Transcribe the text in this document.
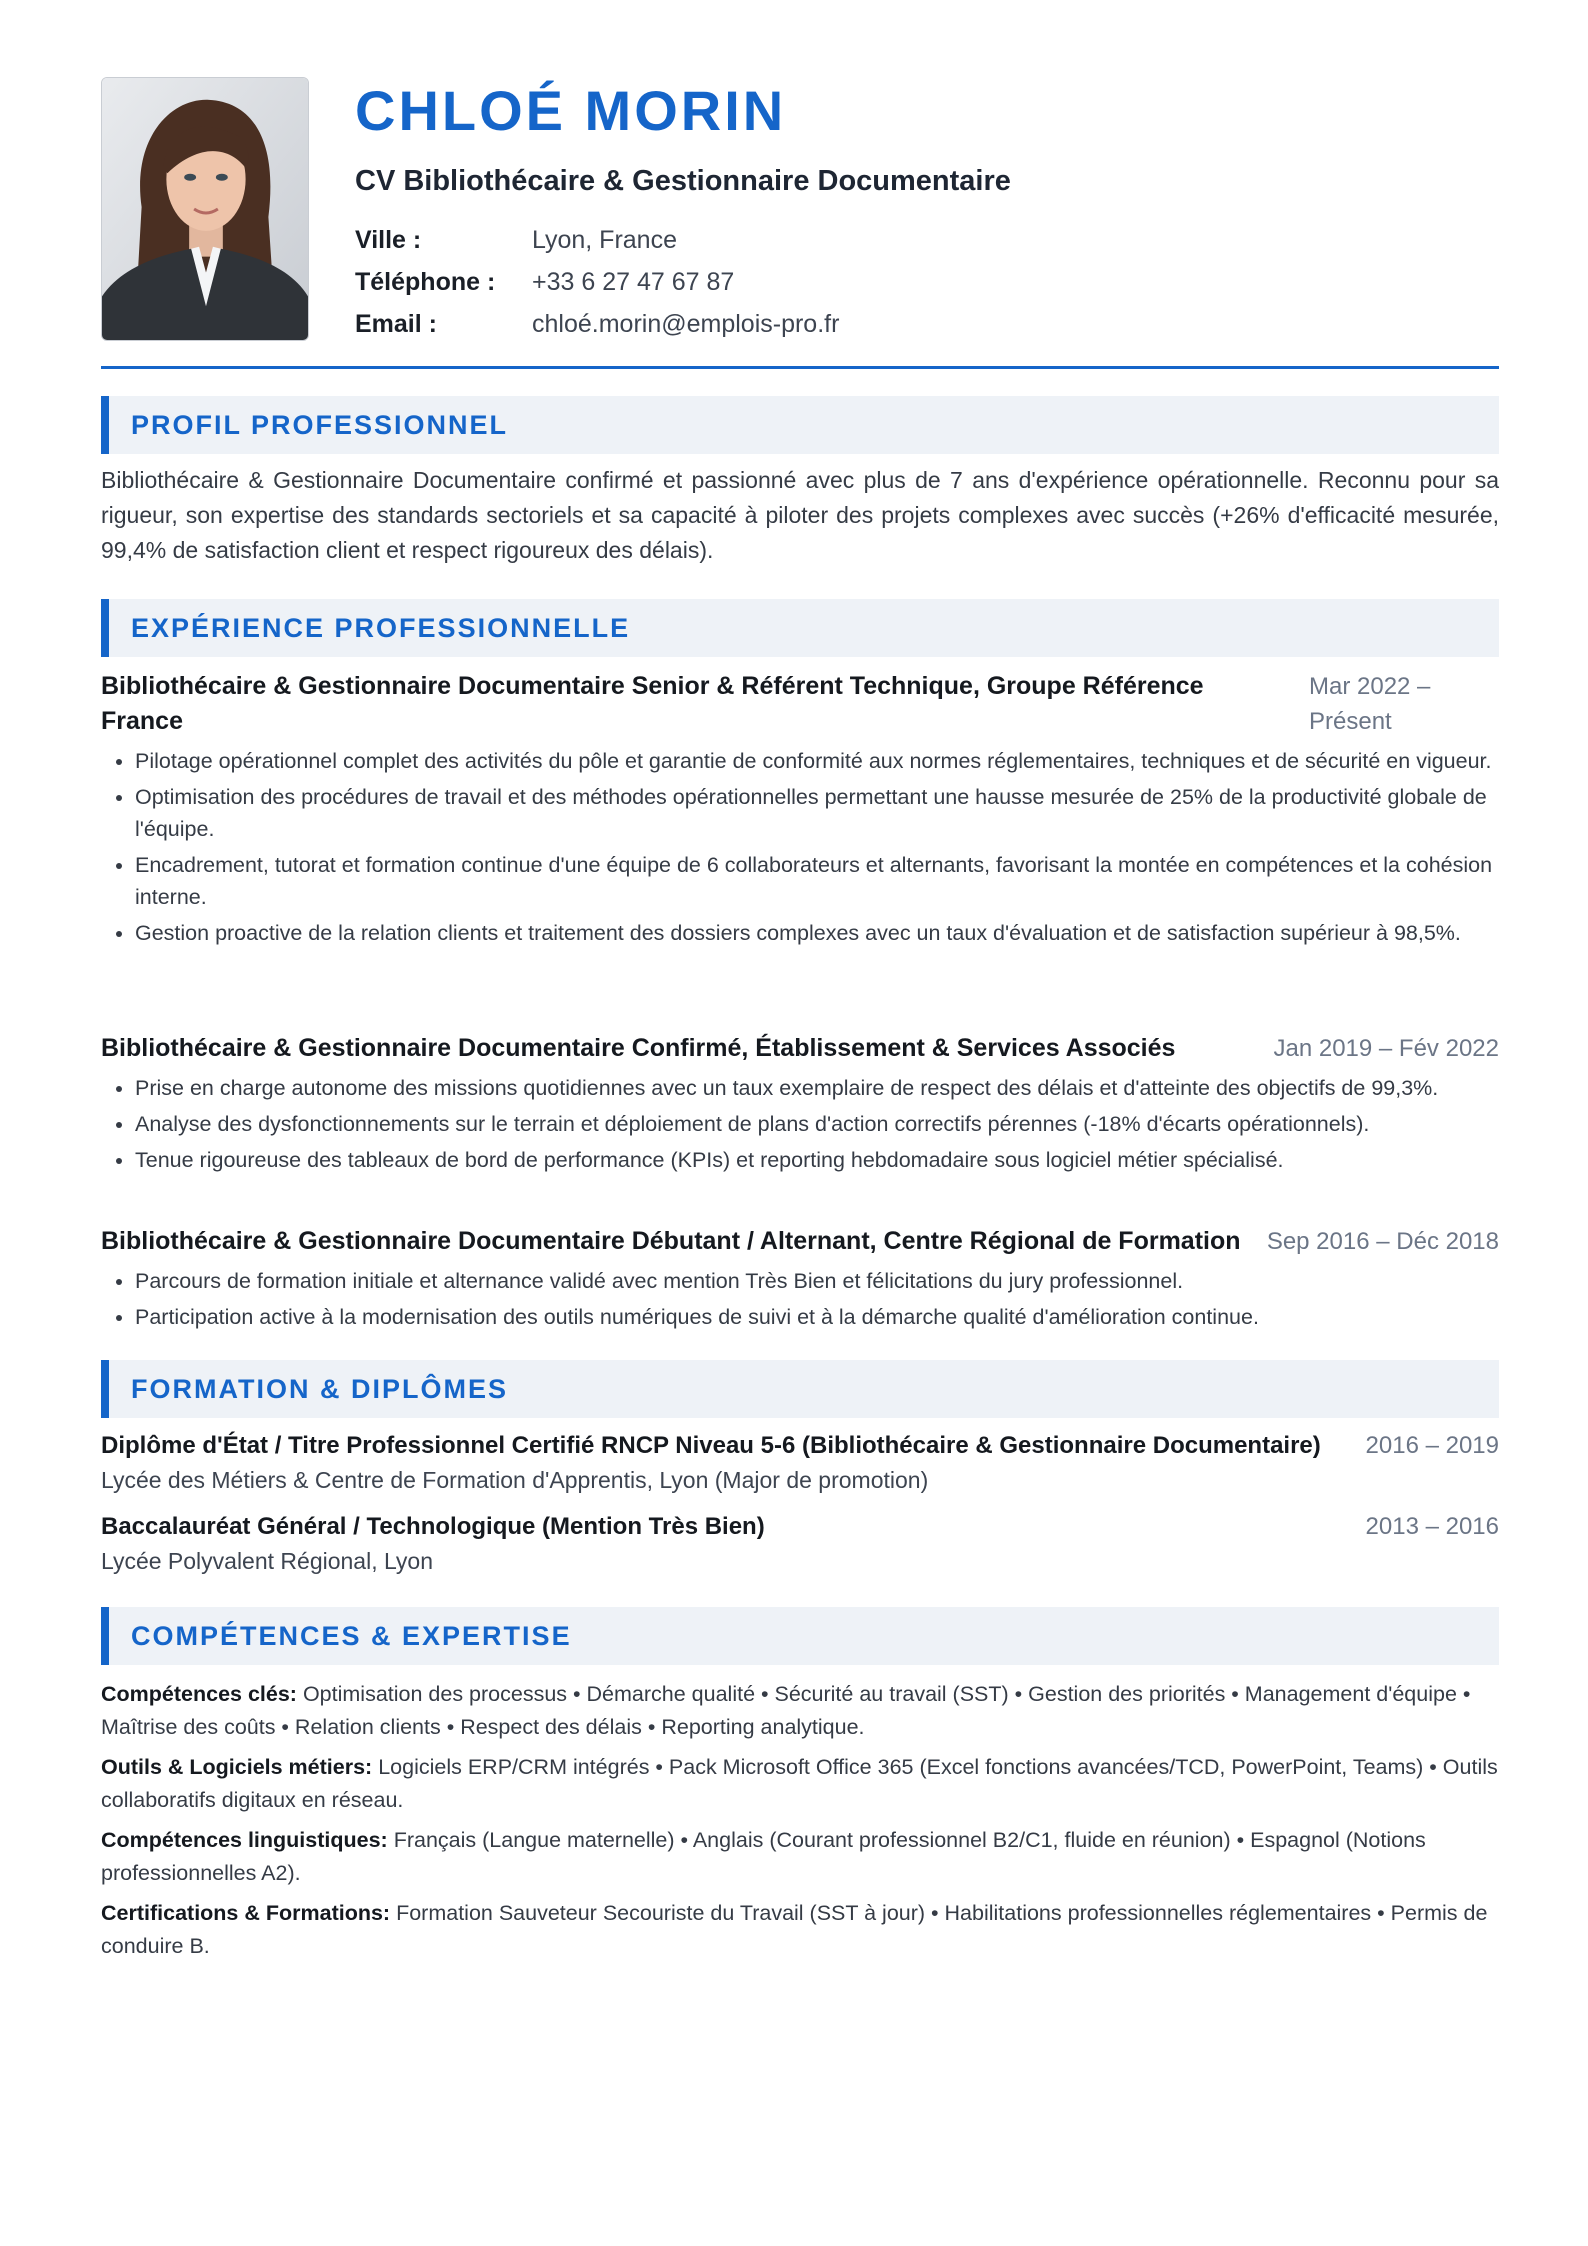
CHLOÉ MORIN
CV Bibliothécaire & Gestionnaire Documentaire
Ville :	Lyon, France
Téléphone :	+33 6 27 47 67 87
Email :	chloé.morin@emplois-pro.fr
PROFIL PROFESSIONNEL

Bibliothécaire & Gestionnaire Documentaire confirmé et passionné avec plus de 7 ans d'expérience opérationnelle. Reconnu pour sa rigueur, son expertise des standards sectoriels et sa capacité à piloter des projets complexes avec succès (+26% d'efficacité mesurée, 99,4% de satisfaction client et respect rigoureux des délais).

EXPÉRIENCE PROFESSIONNELLE
Bibliothécaire & Gestionnaire Documentaire Senior & Référent Technique, Groupe Référence France
Mar 2022 – Présent
• Pilotage opérationnel complet des activités du pôle et garantie de conformité aux normes réglementaires, techniques et de sécurité en vigueur.
• Optimisation des procédures de travail et des méthodes opérationnelles permettant une hausse mesurée de 25% de la productivité globale de l'équipe.
• Encadrement, tutorat et formation continue d'une équipe de 6 collaborateurs et alternants, favorisant la montée en compétences et la cohésion interne.
• Gestion proactive de la relation clients et traitement des dossiers complexes avec un taux d'évaluation et de satisfaction supérieur à 98,5%.
Bibliothécaire & Gestionnaire Documentaire Confirmé, Établissement & Services Associés	Jan 2019 – Fév 2022
• Prise en charge autonome des missions quotidiennes avec un taux exemplaire de respect des délais et d'atteinte des objectifs de 99,3%.
• Analyse des dysfonctionnements sur le terrain et déploiement de plans d'action correctifs pérennes (-18% d'écarts opérationnels).
• Tenue rigoureuse des tableaux de bord de performance (KPIs) et reporting hebdomadaire sous logiciel métier spécialisé.
Bibliothécaire & Gestionnaire Documentaire Débutant / Alternant, Centre Régional de Formation Sep 2016 – Déc 2018
• Parcours de formation initiale et alternance validé avec mention Très Bien et félicitations du jury professionnel.
• Participation active à la modernisation des outils numériques de suivi et à la démarche qualité d'amélioration continue.
FORMATION & DIPLÔMES
Diplôme d'État / Titre Professionnel Certifié RNCP Niveau 5-6 (Bibliothécaire & Gestionnaire Documentaire) 2016 – 2019
Lycée des Métiers & Centre de Formation d'Apprentis, Lyon (Major de promotion)
Baccalauréat Général / Technologique (Mention Très Bien)	2013 – 2016
Lycée Polyvalent Régional, Lyon
COMPÉTENCES & EXPERTISE

Compétences clés: Optimisation des processus • Démarche qualité • Sécurité au travail (SST) • Gestion des priorités • Management d'équipe • Maîtrise des coûts • Relation clients • Respect des délais • Reporting analytique.

Outils & Logiciels métiers: Logiciels ERP/CRM intégrés • Pack Microsoft Office 365 (Excel fonctions avancées/TCD, PowerPoint, Teams) • Outils collaboratifs digitaux en réseau.

Compétences linguistiques: Français (Langue maternelle) • Anglais (Courant professionnel B2/C1, fluide en réunion) • Espagnol (Notions professionnelles A2).

Certifications & Formations: Formation Sauveteur Secouriste du Travail (SST à jour) • Habilitations professionnelles réglementaires • Permis de conduire B.
